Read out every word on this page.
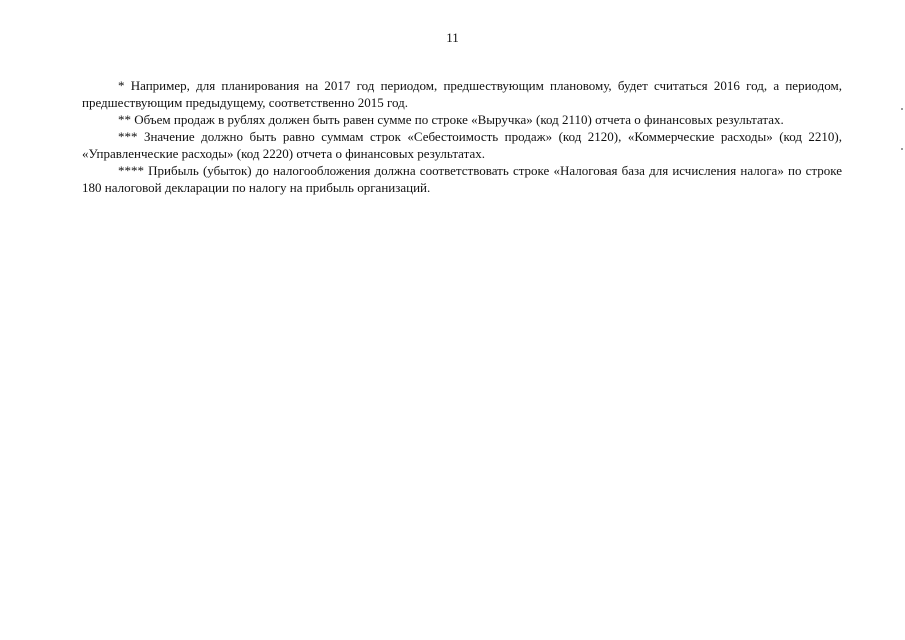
11

* Например, для планирования на 2017 год периодом, предшествующим плановому, будет считаться 2016 год, а периодом, предшествующим предыдущему, соответственно 2015 год.

** Объем продаж в рублях должен быть равен сумме по строке «Выручка» (код 2110) отчета о финансовых результатах.

*** Значение должно быть равно суммам строк «Себестоимость продаж» (код 2120), «Коммерческие расходы» (код 2210), «Управленческие расходы» (код 2220) отчета о финансовых результатах.

**** Прибыль (убыток) до налогообложения должна соответствовать строке «Налоговая база для исчисления налога» по строке 180 налоговой декларации по налогу на прибыль организаций.
